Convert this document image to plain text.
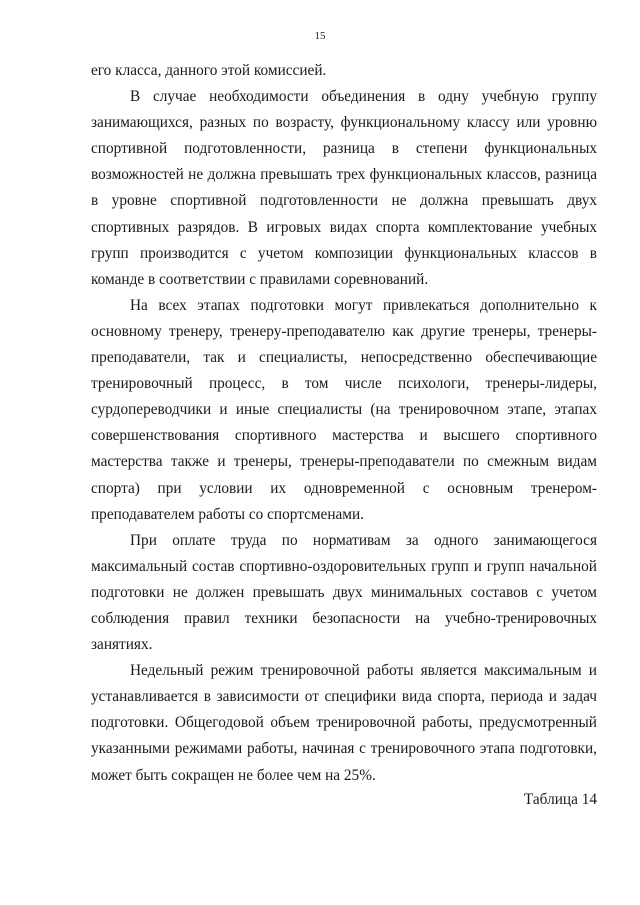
15

его класса, данного этой комиссией.

В случае необходимости объединения в одну учебную группу занимающихся, разных по возрасту, функциональному классу или уровню спортивной подготовленности, разница в степени функциональных возможностей не должна превышать трех функциональных классов, разница в уровне спортивной подготовленности не должна превышать двух спортивных разрядов. В игровых видах спорта комплектование учебных групп производится с учетом композиции функциональных классов в команде в соответствии с правилами соревнований.

На всех этапах подготовки могут привлекаться дополнительно к основному тренеру, тренеру-преподавателю как другие тренеры, тренеры-преподаватели, так и специалисты, непосредственно обеспечивающие тренировочный процесс, в том числе психологи, тренеры-лидеры, сурдопереводчики и иные специалисты (на тренировочном этапе, этапах совершенствования спортивного мастерства и высшего спортивного мастерства также и тренеры, тренеры-преподаватели по смежным видам спорта) при условии их одновременной с основным тренером-преподавателем работы со спортсменами.

При оплате труда по нормативам за одного занимающегося максимальный состав спортивно-оздоровительных групп и групп начальной подготовки не должен превышать двух минимальных составов с учетом соблюдения правил техники безопасности на учебно-тренировочных занятиях.

Недельный режим тренировочной работы является максимальным и устанавливается в зависимости от специфики вида спорта, периода и задач подготовки. Общегодовой объем тренировочной работы, предусмотренный указанными режимами работы, начиная с тренировочного этапа подготовки, может быть сокращен не более чем на 25%.

Таблица 14
